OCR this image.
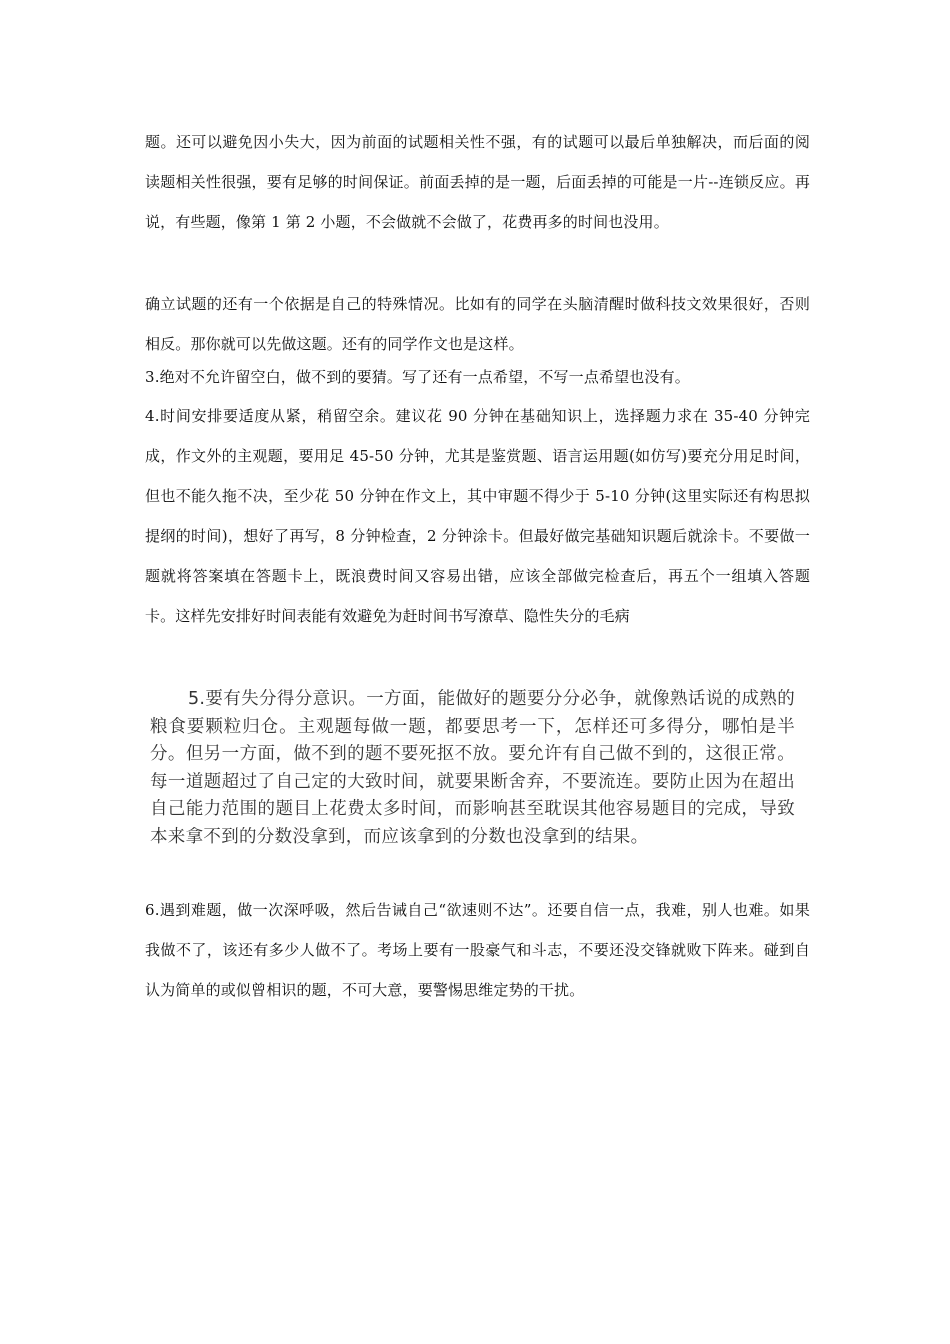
题。还可以避免因小失大，因为前面的试题相关性不强，有的试题可以最后单独解决，而后面的阅读题相关性很强，要有足够的时间保证。前面丢掉的是一题，后面丢掉的可能是一片--连锁反应。再说，有些题，像第 1 第 2 小题，不会做就不会做了，花费再多的时间也没用。

确立试题的还有一个依据是自己的特殊情况。比如有的同学在头脑清醒时做科技文效果很好，否则相反。那你就可以先做这题。还有的同学作文也是这样。

3.绝对不允许留空白，做不到的要猜。写了还有一点希望，不写一点希望也没有。

4.时间安排要适度从紧，稍留空余。建议花 90 分钟在基础知识上，选择题力求在 35-40 分钟完成，作文外的主观题，要用足 45-50 分钟，尤其是鉴赏题、语言运用题(如仿写)要充分用足时间，但也不能久拖不决，至少花 50 分钟在作文上，其中审题不得少于 5-10 分钟(这里实际还有构思拟提纲的时间)，想好了再写，8 分钟检查，2 分钟涂卡。但最好做完基础知识题后就涂卡。不要做一题就将答案填在答题卡上，既浪费时间又容易出错，应该全部做完检查后，再五个一组填入答题卡。这样先安排好时间表能有效避免为赶时间书写潦草、隐性失分的毛病

5.要有失分得分意识。一方面，能做好的题要分分必争，就像熟话说的成熟的粮食要颗粒归仓。主观题每做一题，都要思考一下，怎样还可多得分，哪怕是半分。但另一方面，做不到的题不要死抠不放。要允许有自己做不到的，这很正常。每一道题超过了自己定的大致时间，就要果断舍弃，不要流连。要防止因为在超出自己能力范围的题目上花费太多时间，而影响甚至耽误其他容易题目的完成，导致本来拿不到的分数没拿到，而应该拿到的分数也没拿到的结果。

6.遇到难题，做一次深呼吸，然后告诫自己“欲速则不达”。还要自信一点，我难，别人也难。如果我做不了，该还有多少人做不了。考场上要有一股豪气和斗志，不要还没交锋就败下阵来。碰到自认为简单的或似曾相识的题，不可大意，要警惕思维定势的干扰。
